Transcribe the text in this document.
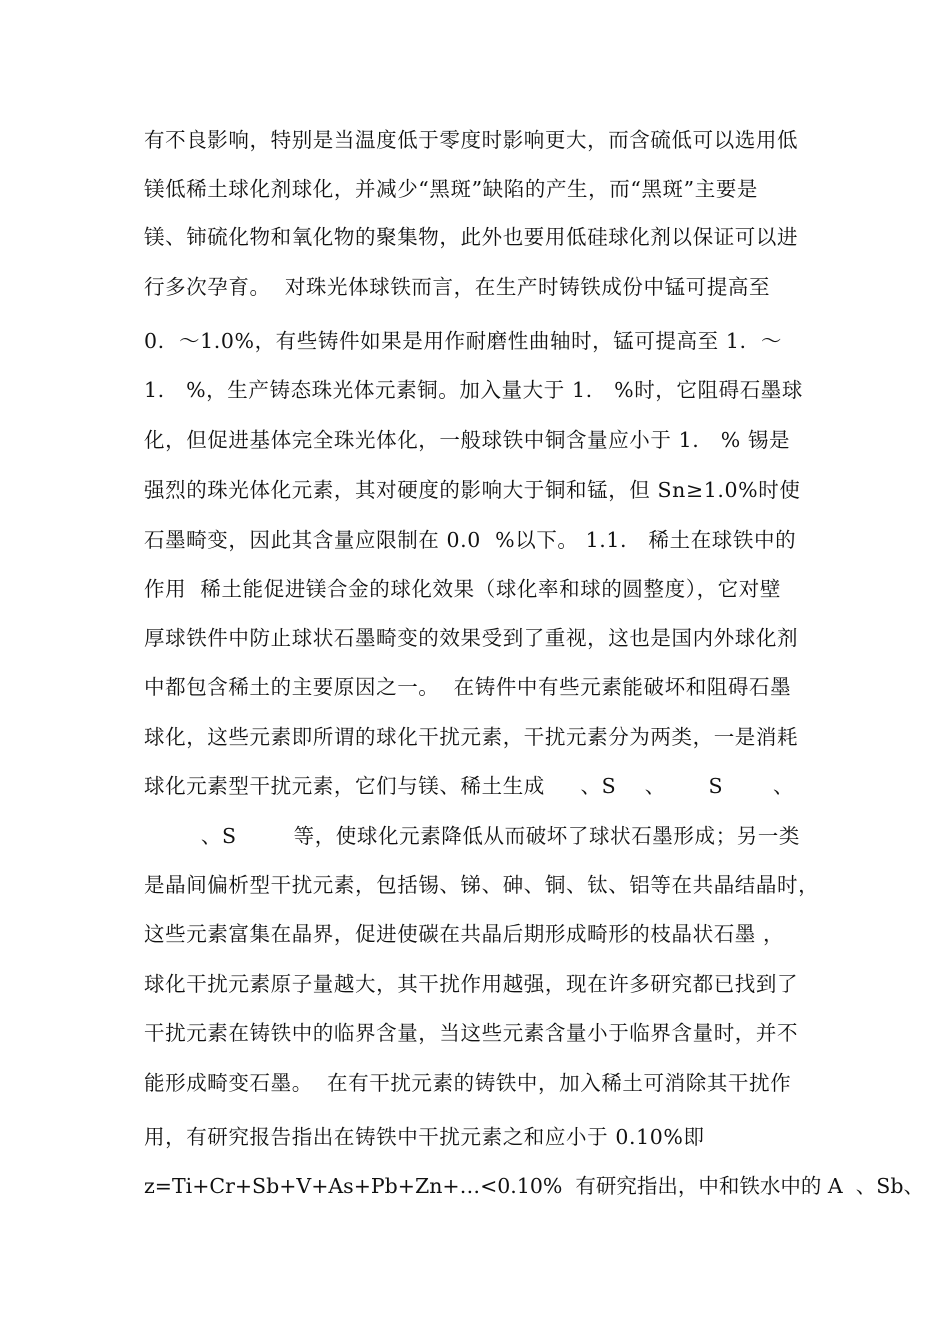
有不良影响，特别是当温度低于零度时影响更大，而含硫低可以选用低
镁低稀土球化剂球化，并减少“黑斑”缺陷的产生，而“黑斑”主要是
镁、铈硫化物和氧化物的聚集物，此外也要用低硅球化剂以保证可以进
行多次孕育。  对珠光体球铁而言，在生产时铸铁成份中锰可提高至
0.  ～1.0%，有些铸件如果是用作耐磨性曲轴时，锰可提高至 1.  ～
1.   %，生产铸态珠光体元素铜。加入量大于 1.   %时，它阻碍石墨球
化，但促进基体完全珠光体化，一般球铁中铜含量应小于 1.   % 锡是
强烈的珠光体化元素，其对硬度的影响大于铜和锰，但 Sn≥1.0%时使
石墨畸变，因此其含量应限制在 0.0  %以下。 1.1.   稀土在球铁中的
作用  稀土能促进镁合金的球化效果（球化率和球的圆整度），它对壁
厚球铁件中防止球状石墨畸变的效果受到了重视，这也是国内外球化剂
中都包含稀土的主要原因之一。  在铸件中有些元素能破坏和阻碍石墨
球化，这些元素即所谓的球化干扰元素，干扰元素分为两类，一是消耗
球化元素型干扰元素，它们与镁、稀土生成     、S    、      S       、
、S        等，使球化元素降低从而破坏了球状石墨形成；另一类
是晶间偏析型干扰元素，包括锡、锑、砷、铜、钛、铝等在共晶结晶时，
这些元素富集在晶界，促进使碳在共晶后期形成畸形的枝晶状石墨 ，
球化干扰元素原子量越大，其干扰作用越强，现在许多研究都已找到了
干扰元素在铸铁中的临界含量，当这些元素含量小于临界含量时，并不
能形成畸变石墨。  在有干扰元素的铸铁中，加入稀土可消除其干扰作
用，有研究报告指出在铸铁中干扰元素之和应小于 0.10%即
z=Ti+Cr+Sb+V+As+Pb+Zn+…<0.10%  有研究指出，中和铁水中的 A  、Sb、
